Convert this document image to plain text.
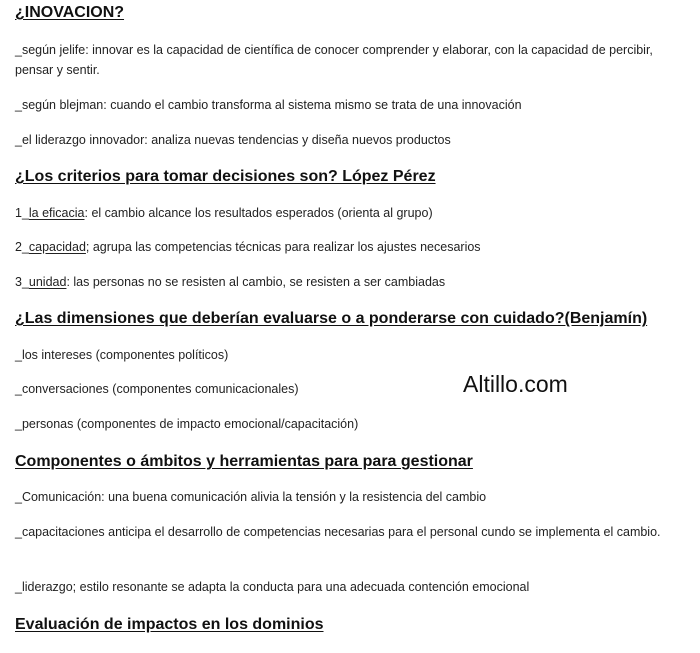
¿INOVACION?
_según jelife: innovar es la capacidad de científica de conocer comprender y elaborar, con la capacidad de percibir, pensar y sentir.
_según blejman: cuando el cambio transforma al sistema mismo se trata de una innovación
_el liderazgo innovador: analiza nuevas tendencias y diseña nuevos productos
¿Los criterios para tomar decisiones son? López Pérez
1_la eficacia: el cambio alcance los resultados esperados (orienta al grupo)
2_capacidad; agrupa las competencias técnicas para realizar los ajustes necesarios
3_unidad: las personas no se resisten al cambio, se resisten a ser cambiadas
¿Las dimensiones que deberían evaluarse o a ponderarse con cuidado?(Benjamín)
_los intereses (componentes políticos)
_conversaciones (componentes comunicacionales)
_personas (componentes de impacto emocional/capacitación)
Altillo.com
Componentes o ámbitos y herramientas para para gestionar
_Comunicación: una buena comunicación alivia la tensión y la resistencia del cambio
_capacitaciones anticipa el desarrollo de competencias necesarias para el personal cundo se implementa el cambio.
_liderazgo; estilo resonante se adapta la conducta para una adecuada contención emocional
Evaluación de impactos en los dominios
